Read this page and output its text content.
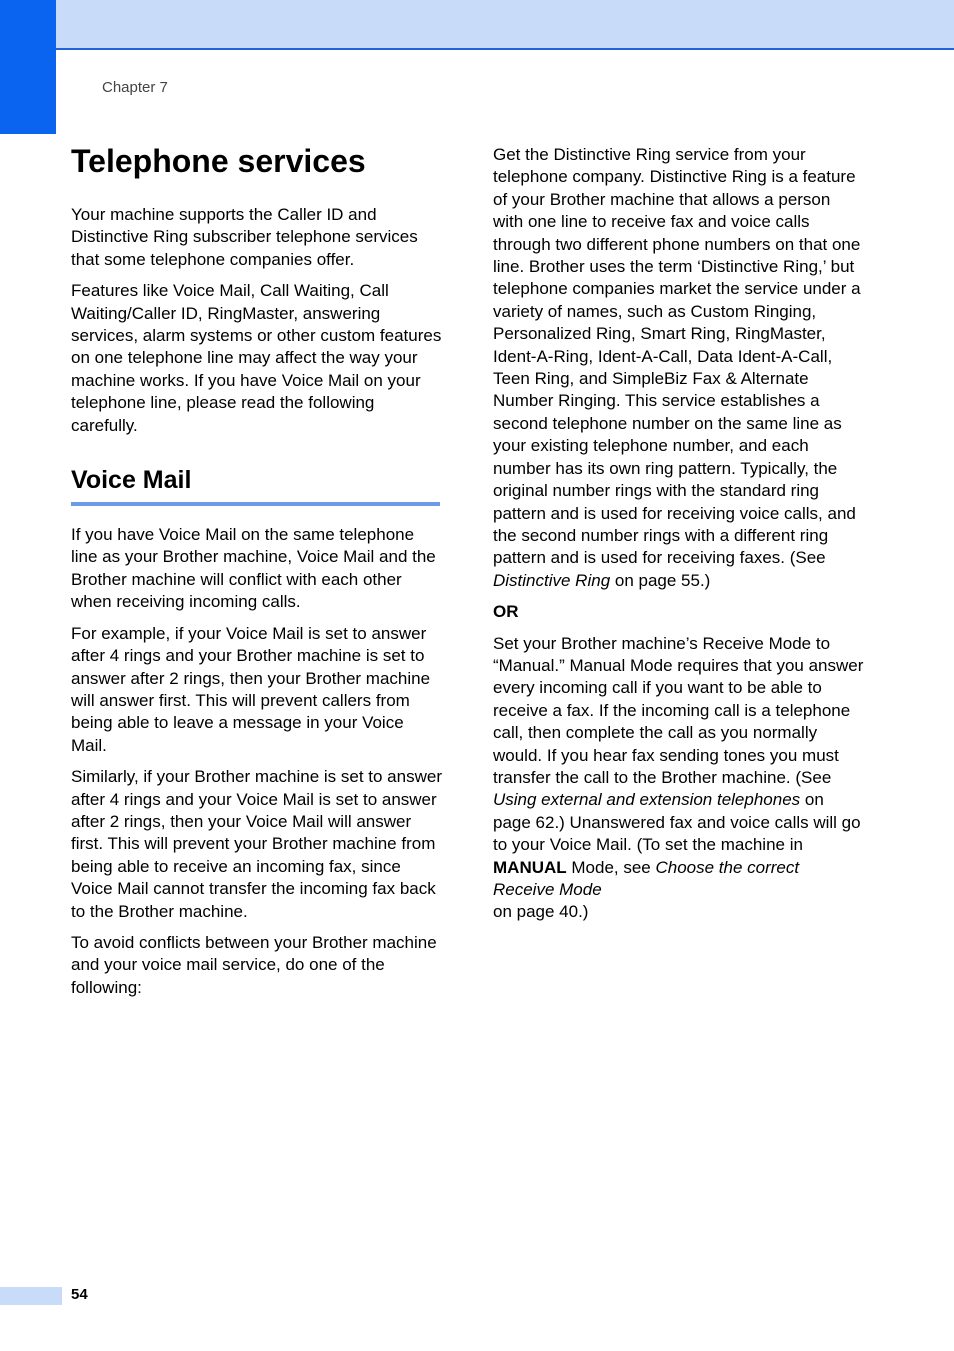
Chapter 7
Telephone services

Your machine supports the Caller ID and Distinctive Ring subscriber telephone services that some telephone companies offer.

Features like Voice Mail, Call Waiting, Call Waiting/Caller ID, RingMaster, answering services, alarm systems or other custom features on one telephone line may affect the way your machine works. If you have Voice Mail on your telephone line, please read the following carefully.

Voice Mail

If you have Voice Mail on the same telephone line as your Brother machine, Voice Mail and the Brother machine will conflict with each other when receiving incoming calls.

For example, if your Voice Mail is set to answer after 4 rings and your Brother machine is set to answer after 2 rings, then your Brother machine will answer first. This will prevent callers from being able to leave a message in your Voice Mail.

Similarly, if your Brother machine is set to answer after 4 rings and your Voice Mail is set to answer after 2 rings, then your Voice Mail will answer first. This will prevent your Brother machine from being able to receive an incoming fax, since Voice Mail cannot transfer the incoming fax back to the Brother machine.

To avoid conflicts between your Brother machine and your voice mail service, do one of the following:

Get the Distinctive Ring service from your telephone company. Distinctive Ring is a feature of your Brother machine that allows a person with one line to receive fax and voice calls through two different phone numbers on that one line. Brother uses the term ‘Distinctive Ring,’ but telephone companies market the service under a variety of names, such as Custom Ringing, Personalized Ring, Smart Ring, RingMaster, Ident-A-Ring, Ident-A-Call, Data Ident-A-Call, Teen Ring, and SimpleBiz Fax & Alternate Number Ringing. This service establishes a second telephone number on the same line as your existing telephone number, and each number has its own ring pattern. Typically, the original number rings with the standard ring pattern and is used for receiving voice calls, and the second number rings with a different ring pattern and is used for receiving faxes. (See Distinctive Ring on page 55.)

OR

Set your Brother machine’s Receive Mode to “Manual.” Manual Mode requires that you answer every incoming call if you want to be able to receive a fax. If the incoming call is a telephone call, then complete the call as you normally would. If you hear fax sending tones you must transfer the call to the Brother machine. (See Using external and extension telephones on page 62.) Unanswered fax and voice calls will go to your Voice Mail. (To set the machine in MANUAL Mode, see Choose the correct Receive Mode
on page 40.)

54
